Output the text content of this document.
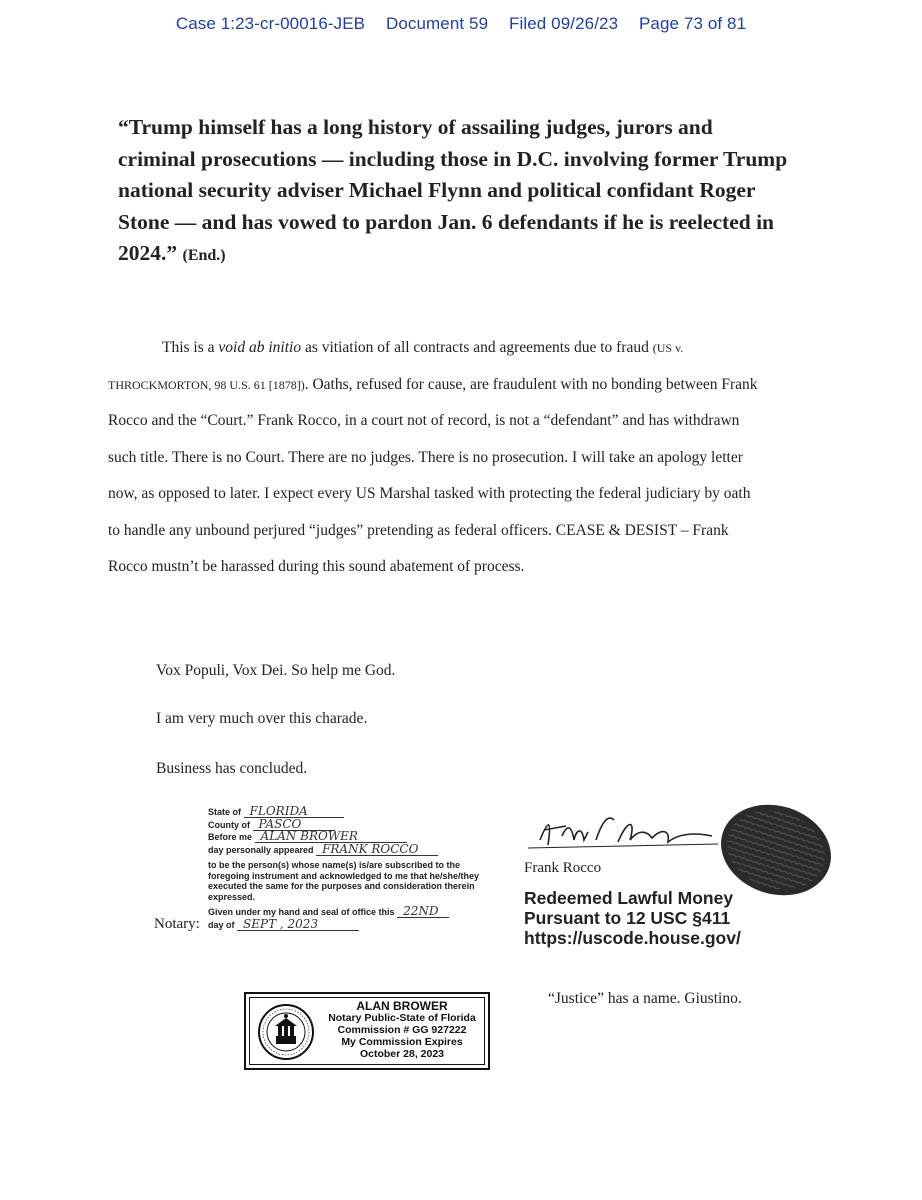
Case 1:23-cr-00016-JEB Document 59 Filed 09/26/23 Page 73 of 81
“Trump himself has a long history of assailing judges, jurors and criminal prosecutions — including those in D.C. involving former Trump national security adviser Michael Flynn and political confidant Roger Stone — and has vowed to pardon Jan. 6 defendants if he is reelected in 2024.” (End.)
This is a void ab initio as vitiation of all contracts and agreements due to fraud (US v. THROCKMORTON, 98 U.S. 61 [1878]). Oaths, refused for cause, are fraudulent with no bonding between Frank Rocco and the “Court.” Frank Rocco, in a court not of record, is not a “defendant” and has withdrawn such title. There is no Court. There are no judges. There is no prosecution. I will take an apology letter now, as opposed to later. I expect every US Marshal tasked with protecting the federal judiciary by oath to handle any unbound perjured “judges” pretending as federal officers. CEASE & DESIST – Frank Rocco mustn’t be harassed during this sound abatement of process.
Vox Populi, Vox Dei. So help me God.
I am very much over this charade.
Business has concluded.
Notary:
State of FLORIDA
County of PASCO
Before me ALAN BROWER
day personally appeared FRANK ROCCO
to be the person(s) whose name(s) is/are subscribed to the foregoing instrument and acknowledged to me that he/she/they executed the same for the purposes and consideration therein expressed.
Given under my hand and seal of office this 22ND
day of SEPT , 2023
ALAN BROWER
Notary Public-State of Florida
Commission # GG 927222
My Commission Expires
October 28, 2023
Frank Rocco
Redeemed Lawful Money
Pursuant to 12 USC §411
https://uscode.house.gov/
“Justice” has a name. Giustino.
